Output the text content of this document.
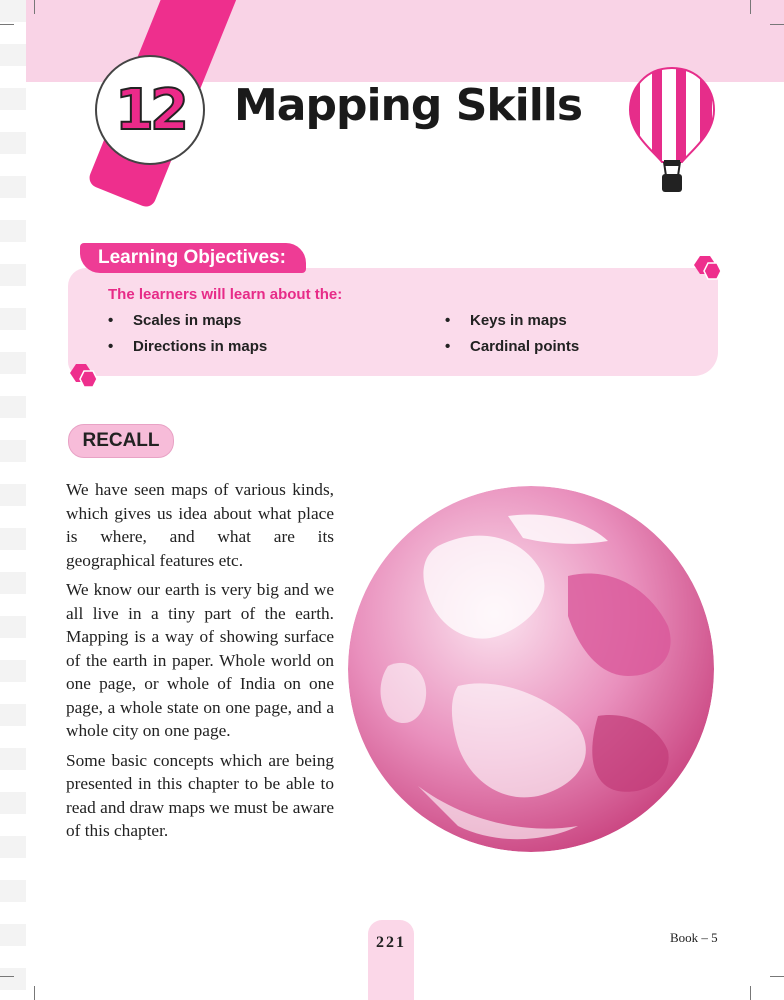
12 Mapping Skills
Learning Objectives:
The learners will learn about the:
• Scales in maps
• Directions in maps
• Keys in maps
• Cardinal points
RECALL

We have seen maps of various kinds, which gives us idea about what place is where, and what are its geographical features etc.

We know our earth is very big and we all live in a tiny part of the earth. Mapping is a way of showing surface of the earth in paper. Whole world on one page, or whole of India on one page, a whole state on one page, and a whole city on one page.

Some basic concepts which are being presented in this chapter to be able to read and draw maps we must be aware of this chapter.

221	Book – 5
